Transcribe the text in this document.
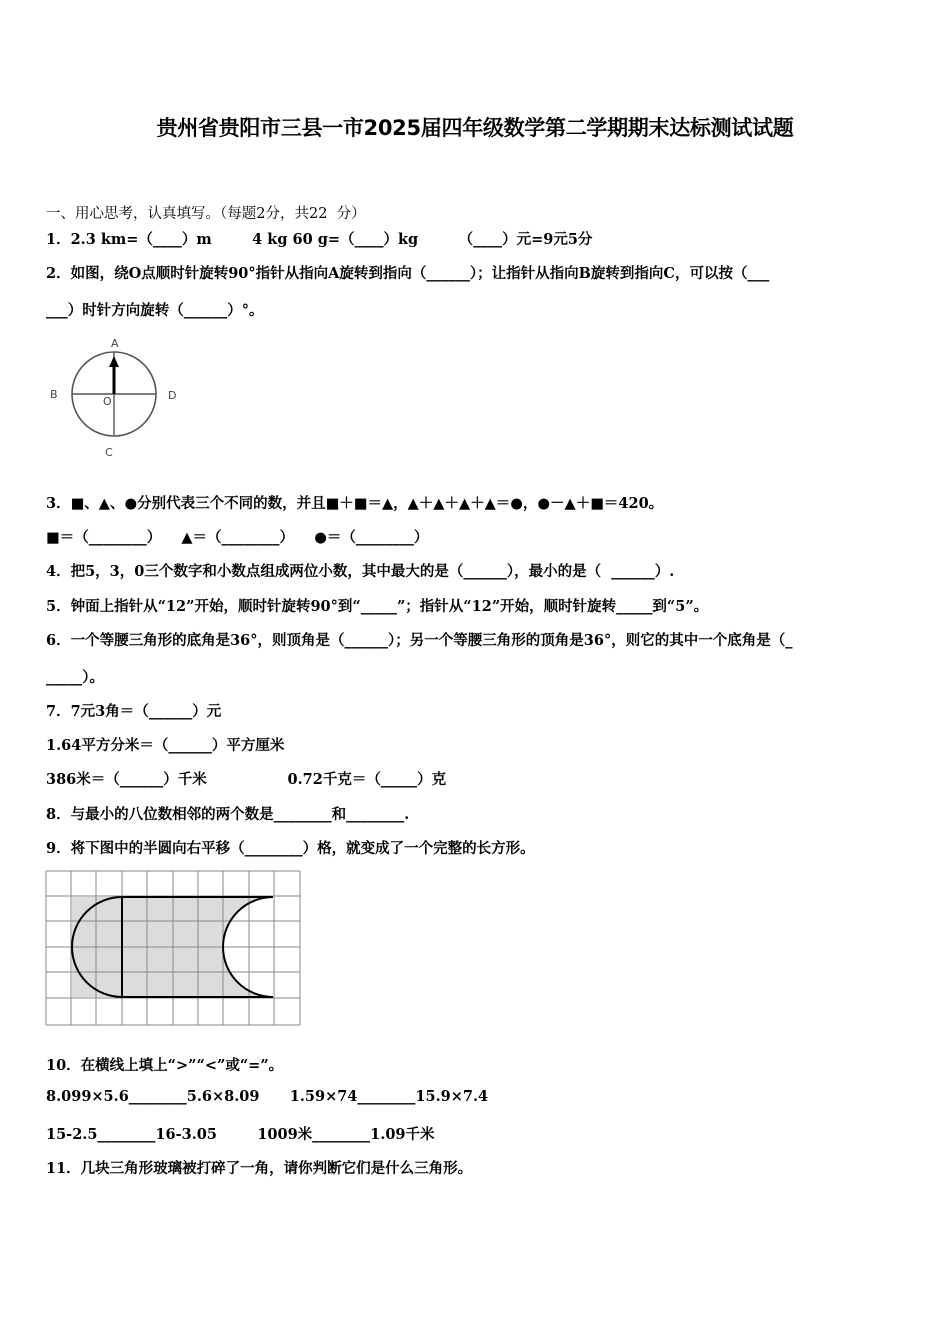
贵州省贵阳市三县一市2025届四年级数学第二学期期末达标测试试题
一、用心思考，认真填写。（每题2分，共22  分）
1．2.3 km=（____）m        4 kg 60 g=（____）kg        （____）元=9元5分
2．如图，绕O点顺时针旋转90°指针从指向A旋转到指向（______）；让指针从指向B旋转到指向C，可以按（___
___）时针方向旋转（______）°。
A
B	D
C
O
3．■、▲、●分别代表三个不同的数，并且■＋■＝▲，▲＋▲＋▲＋▲＝●，●－▲＋■＝420。
■＝（________）    ▲＝（________）    ●＝（________）
4．把5，3，0三个数字和小数点组成两位小数，其中最大的是（______），最小的是（  ______）.
5．钟面上指针从“12”开始，顺时针旋转90°到“_____”；指针从“12”开始，顺时针旋转_____到“5”。
6．一个等腰三角形的底角是36°，则顶角是（______）；另一个等腰三角形的顶角是36°，则它的其中一个底角是（_
_____）。
7．7元3角＝（______）元
1.64平方分米＝（______）平方厘米
386米＝（______）千米                0.72千克＝（_____）克
8．与最小的八位数相邻的两个数是________和________.
9．将下图中的半圆向右平移（________）格，就变成了一个完整的长方形。
10．在横线上填上“>”“<”或“=”。
8.099×5.6________5.6×8.09      1.59×74________15.9×7.4
15-2.5________16-3.05        1009米________1.09千米
11．几块三角形玻璃被打碎了一角，请你判断它们是什么三角形。
